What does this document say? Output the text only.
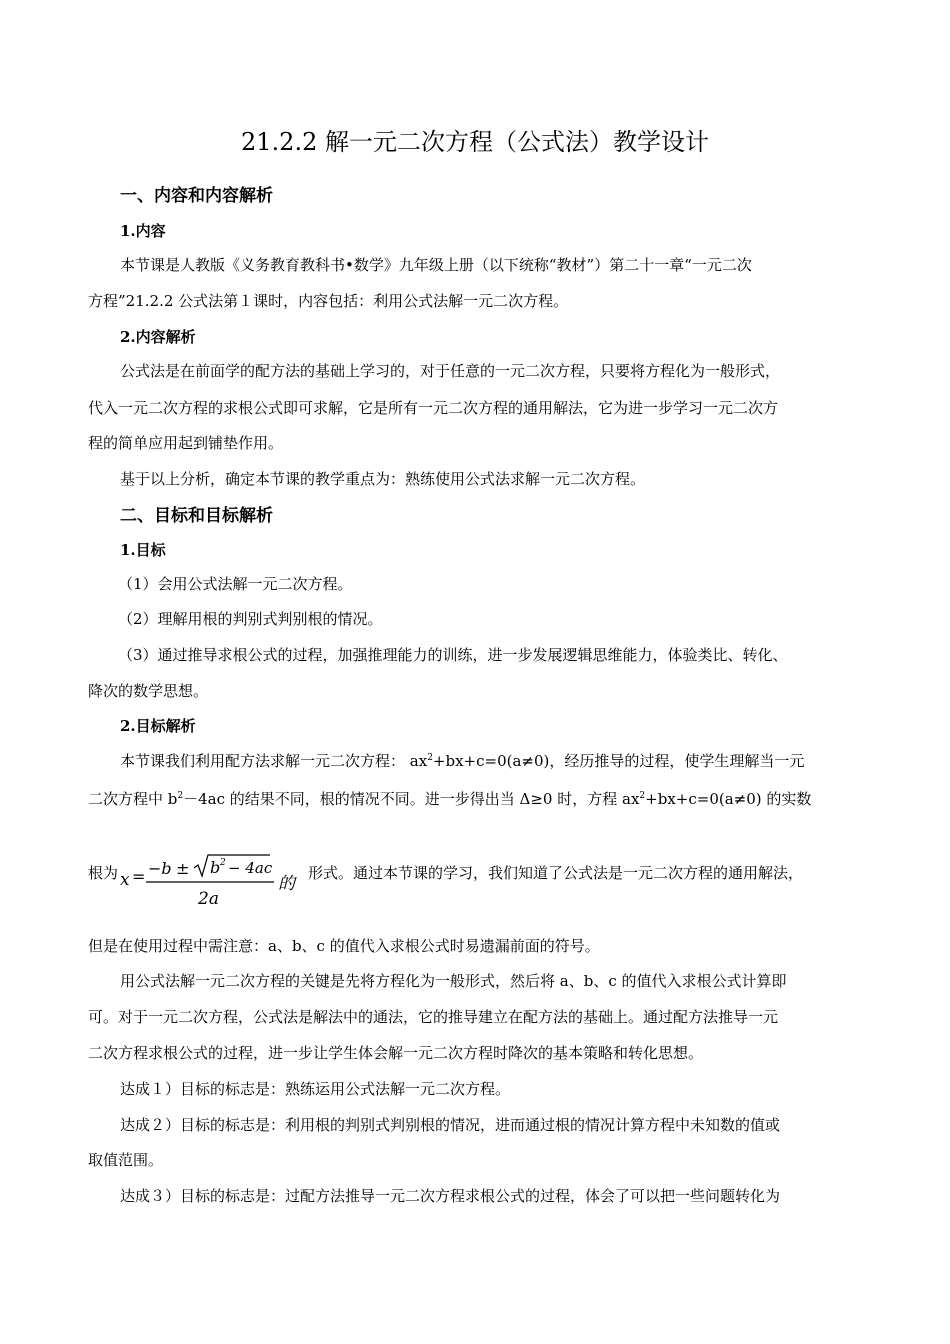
21.2.2 解一元二次方程（公式法）教学设计
一、内容和内容解析
1.内容
本节课是人教版《义务教育教科书•数学》九年级上册（以下统称“教材”）第二十一章“一元二次
方程”21.2.2 公式法第１课时，内容包括：利用公式法解一元二次方程。
2.内容解析
公式法是在前面学的配方法的基础上学习的，对于任意的一元二次方程，只要将方程化为一般形式，
代入一元二次方程的求根公式即可求解，它是所有一元二次方程的通用解法，它为进一步学习一元二次方
程的简单应用起到铺垫作用。
基于以上分析，确定本节课的教学重点为：熟练使用公式法求解一元二次方程。
二、目标和目标解析
1.目标
（1）会用公式法解一元二次方程。
（2）理解用根的判别式判别根的情况。
（3）通过推导求根公式的过程，加强推理能力的训练，进一步发展逻辑思维能力，体验类比、转化、
降次的数学思想。
2.目标解析
本节课我们利用配方法求解一元二次方程： $ax^2+bx+c=0(a\ne 0)$，经历推导的过程，使学生理解当一元
二次方程中 $b^2-4ac$ 的结果不同，根的情况不同。进一步得出当 Δ≥0 时，方程 $ax^2+bx+c=0(a\ne 0)$ 的实数
根为 x = −b ± b 2 − 4ac
2a
的
形式。通过本节课的学习，我们知道了公式法是一元二次方程的通用解法，
但是在使用过程中需注意：a、b、c 的值代入求根公式时易遗漏前面的符号。
用公式法解一元二次方程的关键是先将方程化为一般形式，然后将 a、b、c 的值代入求根公式计算即
可。对于一元二次方程，公式法是解法中的通法，它的推导建立在配方法的基础上。通过配方法推导一元
二次方程求根公式的过程，进一步让学生体会解一元二次方程时降次的基本策略和转化思想。
达成１）目标的标志是：熟练运用公式法解一元二次方程。
达成２）目标的标志是：利用根的判别式判别根的情况，进而通过根的情况计算方程中未知数的值或
取值范围。
达成３）目标的标志是：过配方法推导一元二次方程求根公式的过程，体会了可以把一些问题转化为
